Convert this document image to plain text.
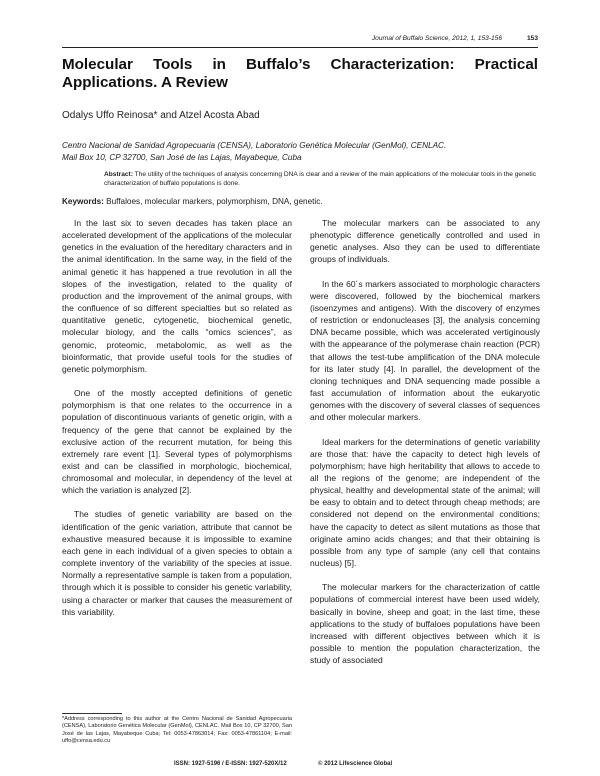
Journal of Buffalo Science, 2012, 1, 153-156	153
Molecular Tools in Buffalo’s Characterization: Practical
Applications. A Review
Odalys Uffo Reinosa* and Atzel Acosta Abad
Centro Nacional de Sanidad Agropecuaria (CENSA), Laboratorio Genética Molecular (GenMol), CENLAC.
Mail Box 10, CP 32700, San José de las Lajas, Mayabeque, Cuba
Abstract: The utility of the techniques of analysis concerning DNA is clear and a review of the main applications of the molecular tools in the genetic characterization of buffalo populations is done.
Keywords: Buffaloes, molecular markers, polymorphism, DNA, genetic.

In the last six to seven decades has taken place an accelerated development of the applications of the molecular genetics in the evaluation of the hereditary characters and in the animal identification. In the same way, in the field of the animal genetic it has happened a true revolution in all the slopes of the investigation, related to the quality of production and the improvement of the animal groups, with the confluence of so different specialties but so related as quantitative genetic, cytogenetic, biochemical genetic, molecular biology, and the calls “omics sciences”, as genomic, proteomic, metabolomic, as well as the bioinformatic, that provide useful tools for the studies of genetic polymorphism.

One of the mostly accepted definitions of genetic polymorphism is that one relates to the occurrence in a population of discontinuous variants of genetic origin, with a frequency of the gene that cannot be explained by the exclusive action of the recurrent mutation, for being this extremely rare event [1]. Several types of polymorphisms exist and can be classified in morphologic, biochemical, chromosomal and molecular, in dependency of the level at which the variation is analyzed [2].

The studies of genetic variability are based on the identification of the genic variation, attribute that cannot be exhaustive measured because it is impossible to examine each gene in each individual of a given species to obtain a complete inventory of the variability of the species at issue. Normally a representative sample is taken from a population, through which it is possible to consider his genetic variability, using a character or marker that causes the measurement of this variability.

The molecular markers can be associated to any phenotypic difference genetically controlled and used in genetic analyses. Also they can be used to differentiate groups of individuals.

In the 60´s markers associated to morphologic characters were discovered, followed by the biochemical markers (isoenzymes and antigens). With the discovery of enzymes of restriction or endonucleases [3], the analysis concerning DNA became possible, which was accelerated vertiginously with the appearance of the polymerase chain reaction (PCR) that allows the test-tube amplification of the DNA molecule for its later study [4]. In parallel, the development of the cloning techniques and DNA sequencing made possible a fast accumulation of information about the eukaryotic genomes with the discovery of several classes of sequences and other molecular markers.

Ideal markers for the determinations of genetic variability are those that: have the capacity to detect high levels of polymorphism; have high heritability that allows to accede to all the regions of the genome; are independent of the physical, healthy and developmental state of the animal; will be easy to obtain and to detect through cheap methods; are considered not depend on the environmental conditions; have the capacity to detect as silent mutations as those that originate amino acids changes; and that their obtaining is possible from any type of sample (any cell that contains nucleus) [5].

The molecular markers for the characterization of cattle populations of commercial interest have been used widely, basically in bovine, sheep and goat; in the last time, these applications to the study of buffaloes populations have been increased with different objectives between which it is possible to mention the population characterization, the study of associated

*Address corresponding to this author at the Centro Nacional de Sanidad Agropecuaria (CENSA), Laboratorio Genética Molecular (GenMol), CENLAC. Mail Box 10, CP 32700, San José de las Lajas, Mayabeque Cuba; Tel: 0053-47863014; Fax: 0053-47861104; E-mail: uffo@censa.edu.cu
ISSN: 1927-5196 / E-ISSN: 1927-520X/12	© 2012 Lifescience Global
